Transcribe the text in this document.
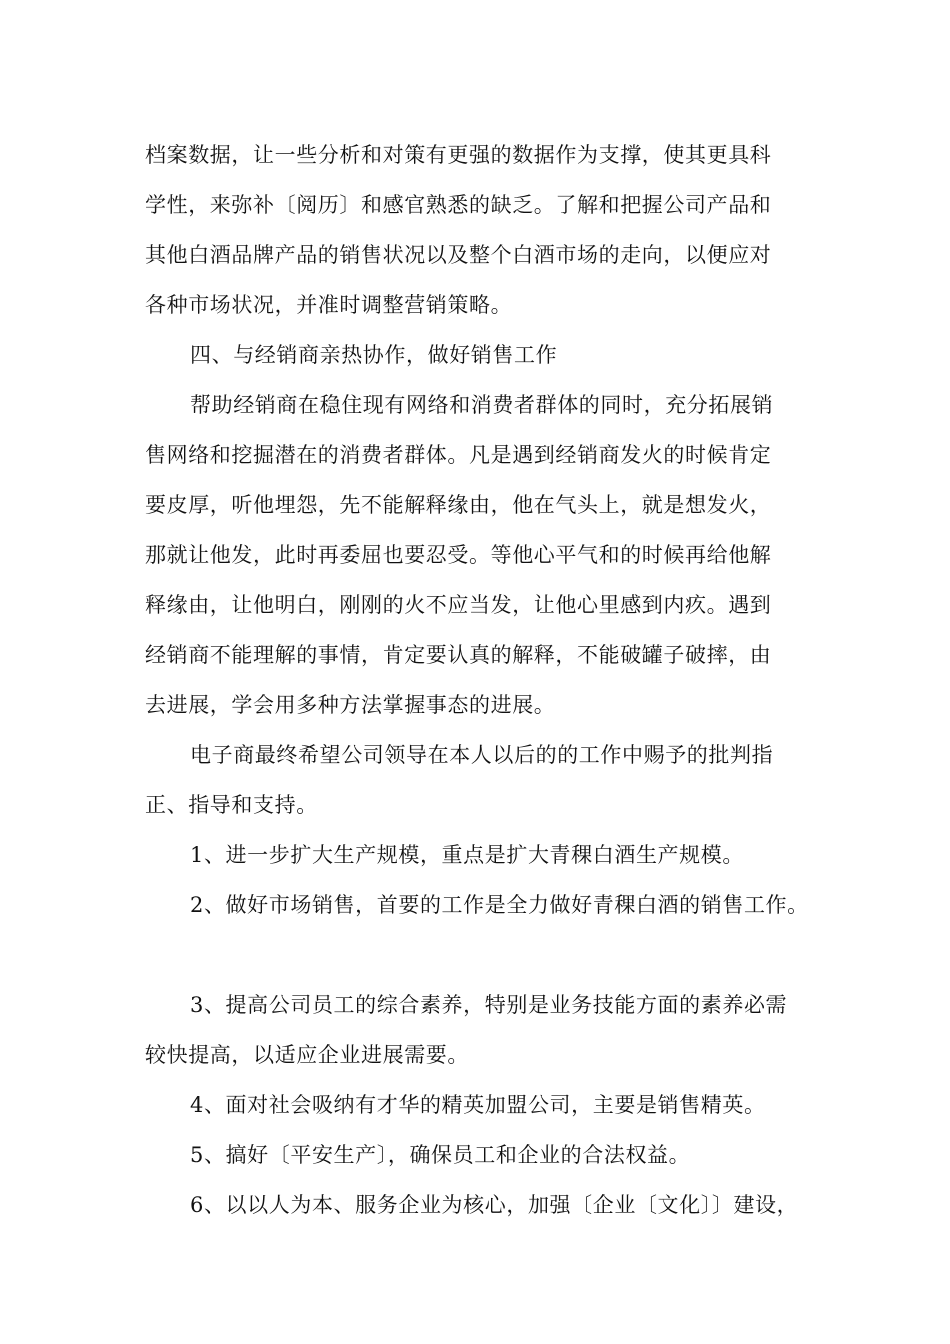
档案数据，让一些分析和对策有更强的数据作为支撑，使其更具科
学性，来弥补〔阅历〕和感官熟悉的缺乏。了解和把握公司产品和
其他白酒品牌产品的销售状况以及整个白酒市场的走向，以便应对
各种市场状况，并准时调整营销策略。
四、与经销商亲热协作，做好销售工作
帮助经销商在稳住现有网络和消费者群体的同时，充分拓展销
售网络和挖掘潜在的消费者群体。凡是遇到经销商发火的时候肯定
要皮厚，听他埋怨，先不能解释缘由，他在气头上，就是想发火，
那就让他发，此时再委屈也要忍受。等他心平气和的时候再给他解
释缘由，让他明白，刚刚的火不应当发，让他心里感到内疚。遇到
经销商不能理解的事情，肯定要认真的解释，不能破罐子破摔，由
去进展，学会用多种方法掌握事态的进展。
电子商最终希望公司领导在本人以后的的工作中赐予的批判指
正、指导和支持。
1、进一步扩大生产规模，重点是扩大青稞白酒生产规模。
2、做好市场销售，首要的工作是全力做好青稞白酒的销售工作。
3、提高公司员工的综合素养，特别是业务技能方面的素养必需
较快提高，以适应企业进展需要。
4、面对社会吸纳有才华的精英加盟公司，主要是销售精英。
5、搞好〔平安生产〕，确保员工和企业的合法权益。
6、以以人为本、服务企业为核心，加强〔企业〔文化〕〕建设，
